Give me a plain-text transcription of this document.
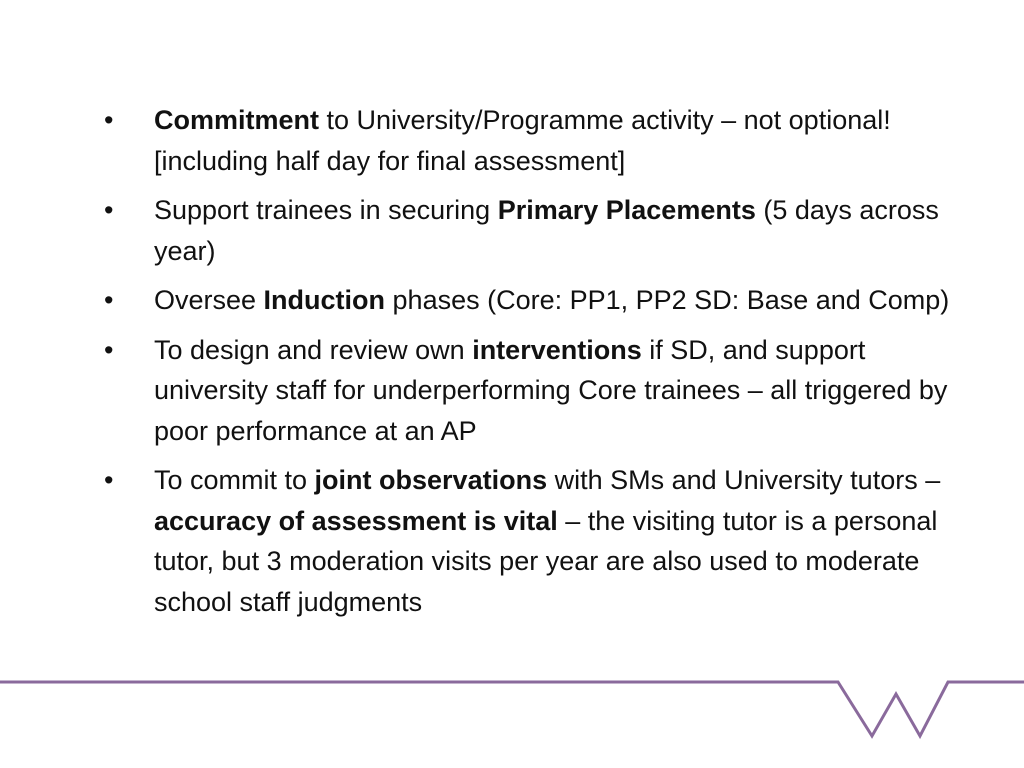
•	Commitment to University/Programme activity – not optional! [including half day for final assessment]
•	Support trainees in securing Primary Placements (5 days across year)
•	Oversee Induction phases (Core: PP1, PP2 SD: Base and Comp)
•	To design and review own interventions if SD, and support university staff for underperforming Core trainees – all triggered by poor performance at an AP
•	To commit to joint observations with SMs and University tutors – accuracy of assessment is vital – the visiting tutor is a personal tutor, but 3 moderation visits per year are also used to moderate school staff judgments
